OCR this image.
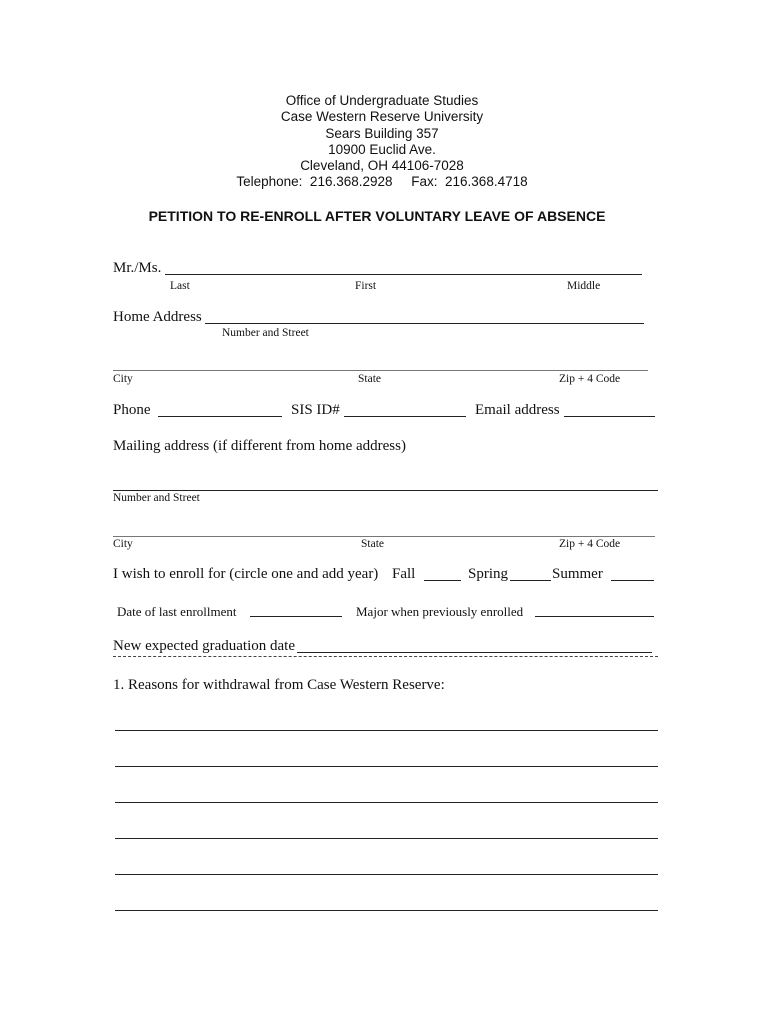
Office of Undergraduate Studies
Case Western Reserve University
Sears Building 357
10900 Euclid Ave.
Cleveland, OH 44106-7028
Telephone:  216.368.2928     Fax:  216.368.4718
PETITION TO RE-ENROLL AFTER VOLUNTARY LEAVE OF ABSENCE
Mr./Ms.
Last	First	Middle
Home Address
Number and Street
City	State	Zip + 4 Code
Phone	SIS ID#	Email address
Mailing address (if different from home address)
Number and Street
City	State	Zip + 4 Code
I wish to enroll for (circle one and add year) Fall	Spring	Summer
Date of last enrollment	Major when previously enrolled
New expected graduation date
1. Reasons for withdrawal from Case Western Reserve:
